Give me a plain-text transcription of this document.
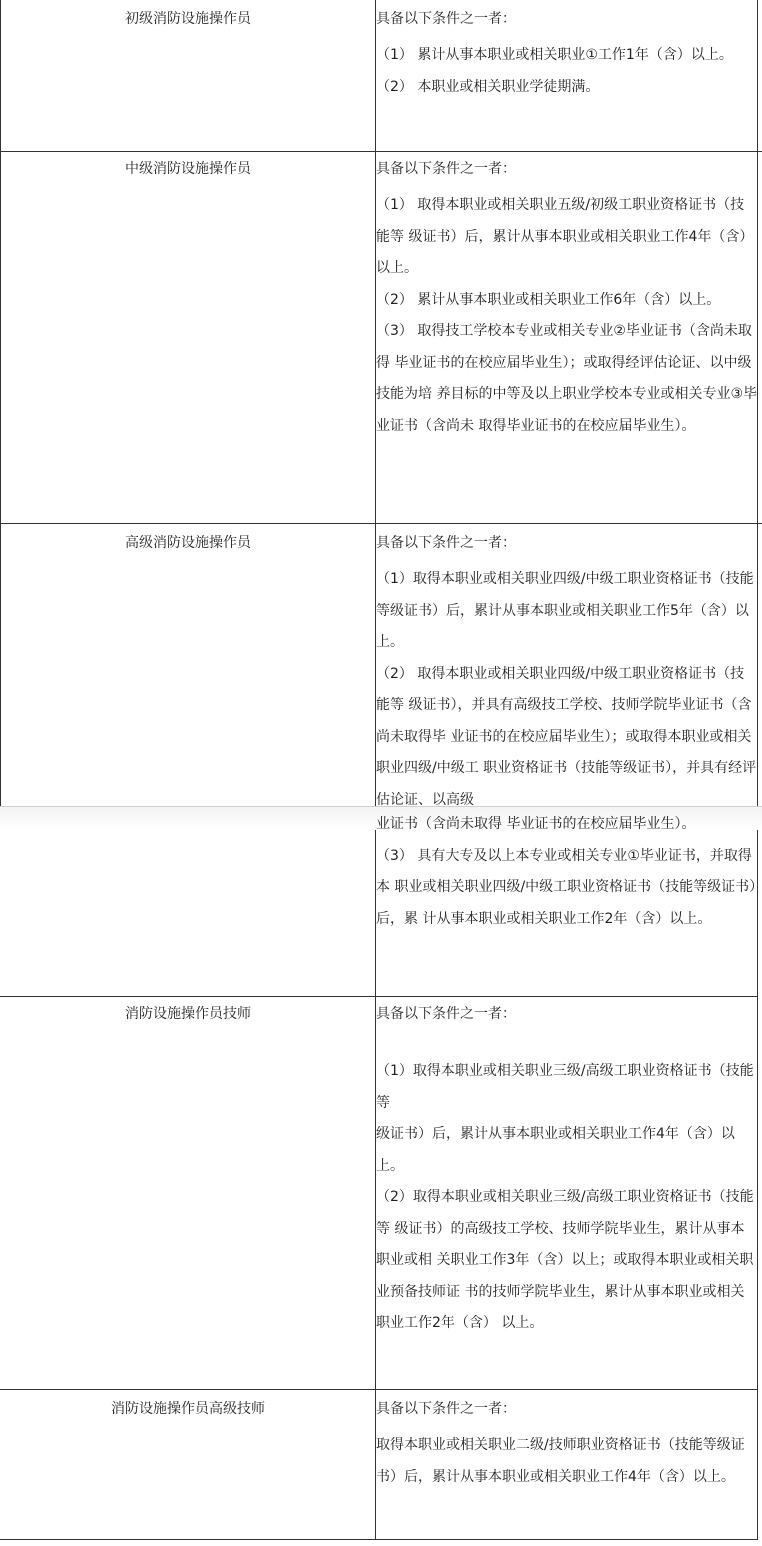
初级消防设施操作员	具备以下条件之一者：
（1） 累计从事本职业或相关职业①工作1年（含）以上。
（2） 本职业或相关职业学徒期满。
中级消防设施操作员	具备以下条件之一者：
（1） 取得本职业或相关职业五级/初级工职业资格证书（技能等 级证书）后，累计从事本职业或相关职业工作4年（含）以上。
（2） 累计从事本职业或相关职业工作6年（含）以上。
（3） 取得技工学校本专业或相关专业②毕业证书（含尚未取得 毕业证书的在校应届毕业生）；或取得经评估论证、以中级技能为培 养目标的中等及以上职业学校本专业或相关专业③毕业证书（含尚未 取得毕业证书的在校应届毕业生）。
高级消防设施操作员	具备以下条件之一者：
（1）取得本职业或相关职业四级/中级工职业资格证书（技能等级证书）后，累计从事本职业或相关职业工作5年（含）以上。
（2） 取得本职业或相关职业四级/中级工职业资格证书（技能等 级证书），并具有高级技工学校、技师学院毕业证书（含尚未取得毕 业证书的在校应届毕业生）；或取得本职业或相关职业四级/中级工 职业资格证书（技能等级证书），并具有经评估论证、以高级
业证书（含尚未取得 毕业证书的在校应届毕业生）。
（3） 具有大专及以上本专业或相关专业①毕业证书，并取得本 职业或相关职业四级/中级工职业资格证书（技能等级证书）后，累 计从事本职业或相关职业工作2年（含）以上。
消防设施操作员技师	具备以下条件之一者：
（1）取得本职业或相关职业三级/高级工职业资格证书（技能等
级证书）后，累计从事本职业或相关职业工作4年（含）以上。
（2）取得本职业或相关职业三级/高级工职业资格证书（技能等 级证书）的高级技工学校、技师学院毕业生，累计从事本职业或相 关职业工作3年（含）以上；或取得本职业或相关职业预备技师证 书的技师学院毕业生，累计从事本职业或相关职业工作2年（含） 以上。
消防设施操作员高级技师	具备以下条件之一者：
取得本职业或相关职业二级/技师职业资格证书（技能等级证 书）后，累计从事本职业或相关职业工作4年（含）以上。
